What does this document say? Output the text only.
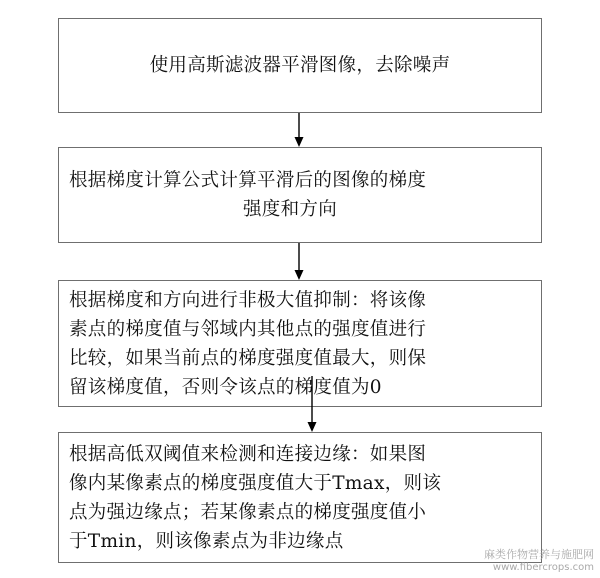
使用高斯滤波器平滑图像，去除噪声

根据梯度计算公式计算平滑后的图像的梯度
强度和方向

根据梯度和方向进行非极大值抑制：将该像
素点的梯度值与邻域内其他点的强度值进行
比较，如果当前点的梯度强度值最大，则保
留该梯度值，否则令该点的梯度值为0

根据高低双阈值来检测和连接边缘：如果图
像内某像素点的梯度强度值大于Tmax，则该
点为强边缘点；若某像素点的梯度强度值小
于Tmin，则该像素点为非边缘点

麻类作物营养与施肥网
www.fibercrops.com
